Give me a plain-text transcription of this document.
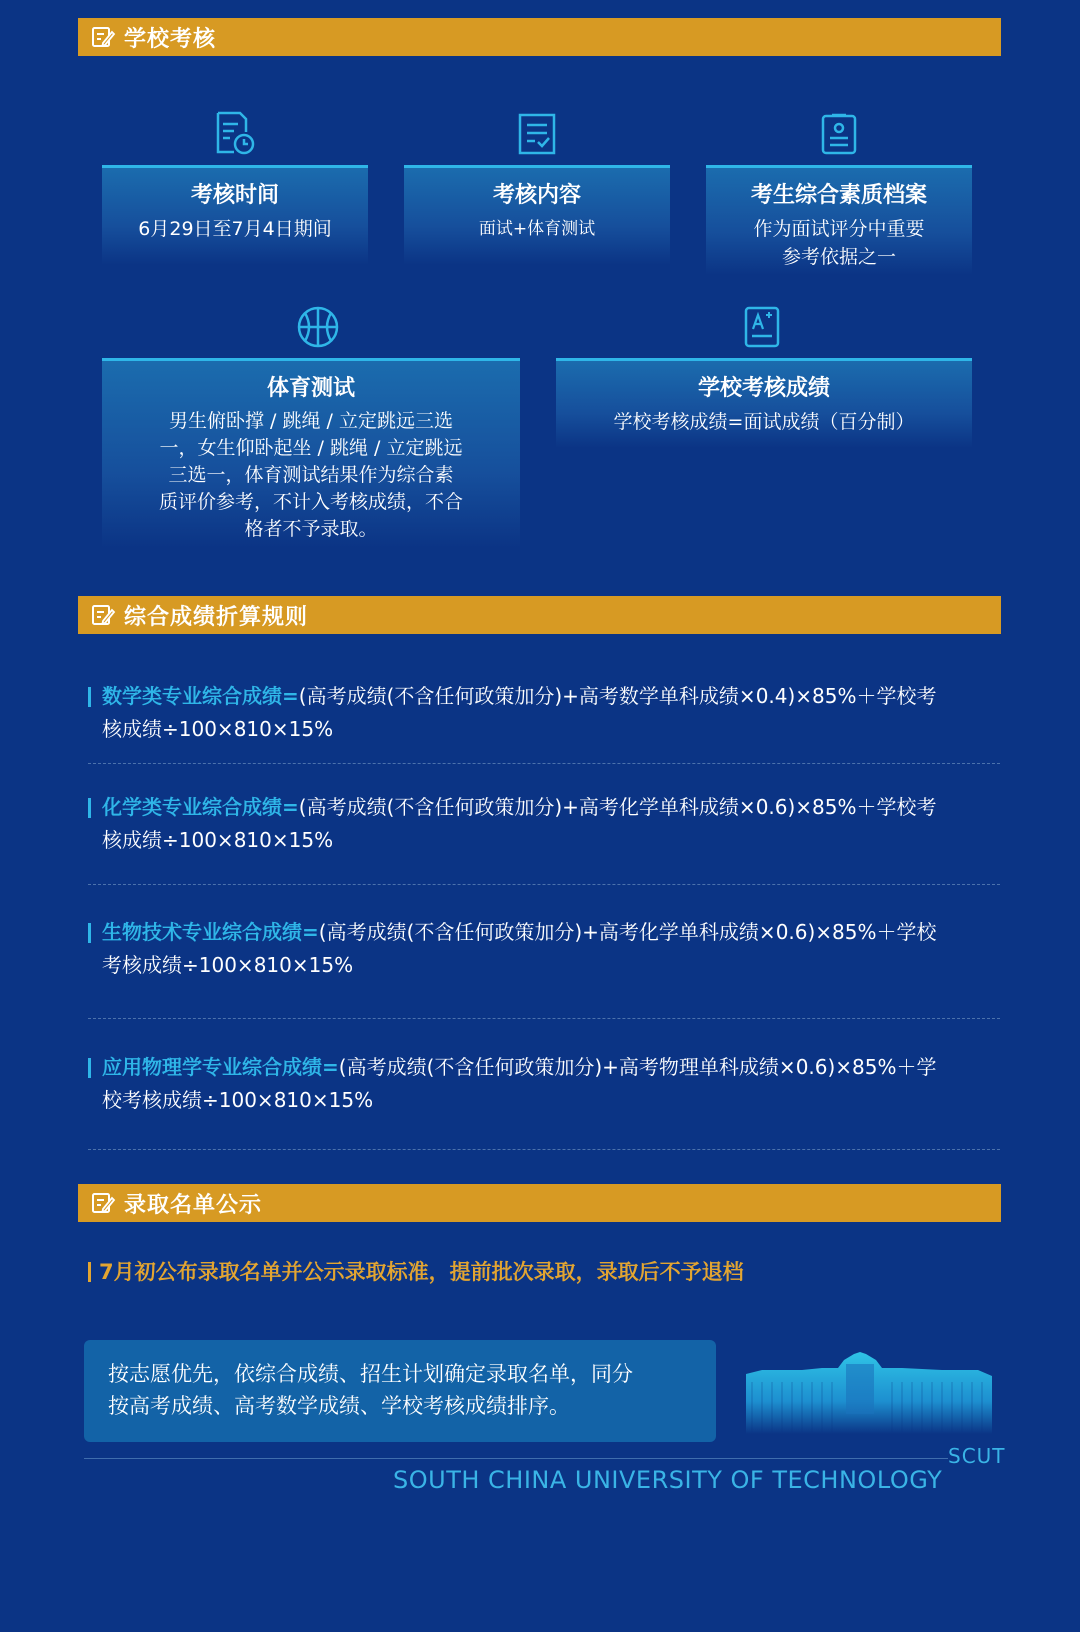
学校考核
考核时间
6月29日至7月4日期间
考核内容
面试+体育测试
考生综合素质档案
作为面试评分中重要
参考依据之一
体育测试
男生俯卧撑 / 跳绳 / 立定跳远三选
一，女生仰卧起坐 / 跳绳 / 立定跳远
三选一，体育测试结果作为综合素
质评价参考，不计入考核成绩，不合
格者不予录取。
学校考核成绩
学校考核成绩=面试成绩（百分制）
综合成绩折算规则
数学类专业综合成绩=(高考成绩(不含任何政策加分)+高考数学单科成绩×0.4)×85%＋学校考
核成绩÷100×810×15%
化学类专业综合成绩=(高考成绩(不含任何政策加分)+高考化学单科成绩×0.6)×85%＋学校考
核成绩÷100×810×15%
生物技术专业综合成绩=(高考成绩(不含任何政策加分)+高考化学单科成绩×0.6)×85%＋学校
考核成绩÷100×810×15%
应用物理学专业综合成绩=(高考成绩(不含任何政策加分)+高考物理单科成绩×0.6)×85%＋学
校考核成绩÷100×810×15%
录取名单公示
7月初公布录取名单并公示录取标准，提前批次录取，录取后不予退档
按志愿优先，依综合成绩、招生计划确定录取名单，同分
按高考成绩、高考数学成绩、学校考核成绩排序。
SCUT
SOUTH CHINA UNIVERSITY OF TECHNOLOGY
